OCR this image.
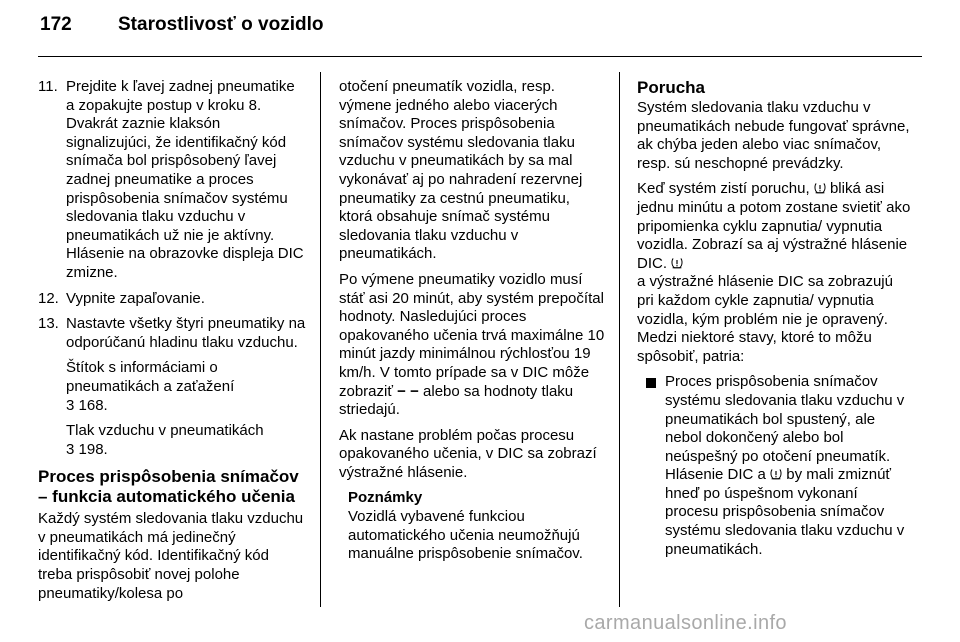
172 Starostlivosť o vozidlo
11. Prejdite k ľavej zadnej pneumatike a zopakujte postup v kroku 8. Dvakrát zaznie klaksón signalizujúci, že identifikačný kód snímača bol prispôsobený ľavej zadnej pneumatike a proces prispôsobenia snímačov systému sledovania tlaku vzduchu v pneumatikách už nie je aktívny. Hlásenie na obrazovke displeja DIC zmizne.
12. Vypnite zapaľovanie.
13. Nastavte všetky štyri pneumatiky na odporúčanú hladinu tlaku vzduchu.
Štítok s informáciami o pneumatikách a zaťažení
3 168.
Tlak vzduchu v pneumatikách
3 198.
Proces prispôsobenia snímačov – funkcia automatického učenia

Každý systém sledovania tlaku vzduchu v pneumatikách má jedinečný identifikačný kód. Identifikačný kód treba prispôsobiť novej polohe pneumatiky/kolesa po

otočení pneumatík vozidla, resp. výmene jedného alebo viacerých snímačov. Proces prispôsobenia snímačov systému sledovania tlaku vzduchu v pneumatikách by sa mal vykonávať aj po nahradení rezervnej pneumatiky za cestnú pneumatiku, ktorá obsahuje snímač systému sledovania tlaku vzduchu v pneumatikách.

Po výmene pneumatiky vozidlo musí stáť asi 20 minút, aby systém prepočítal hodnoty. Nasledujúci proces opakovaného učenia trvá maximálne 10 minút jazdy minimálnou rýchlosťou 19 km/h. V tomto prípade sa v DIC môže zobraziť − − alebo sa hodnoty tlaku striedajú.

Ak nastane problém počas procesu opakovaného učenia, v DIC sa zobrazí výstražné hlásenie.

Poznámky
Vozidlá vybavené funkciou automatického učenia neumožňujú manuálne prispôsobenie snímačov.
Porucha

Systém sledovania tlaku vzduchu v pneumatikách nebude fungovať správne, ak chýba jeden alebo viac snímačov, resp. sú neschopné prevádzky.

Keď systém zistí poruchu, bliká asi jednu minútu a potom zostane svietiť ako pripomienka cyklu zapnutia/ vypnutia vozidla. Zobrazí sa aj výstražné hlásenie DIC.
a výstražné hlásenie DIC sa zobrazujú pri každom cykle zapnutia/ vypnutia vozidla, kým problém nie je opravený. Medzi niektoré stavy, ktoré to môžu spôsobiť, patria:

Proces prispôsobenia snímačov systému sledovania tlaku vzduchu v pneumatikách bol spustený, ale nebol dokončený alebo bol neúspešný po otočení pneumatík. Hlásenie DIC a by mali zmiznúť hneď po úspešnom vykonaní procesu prispôsobenia snímačov systému sledovania tlaku vzduchu v pneumatikách.
carmanualsonline.info
